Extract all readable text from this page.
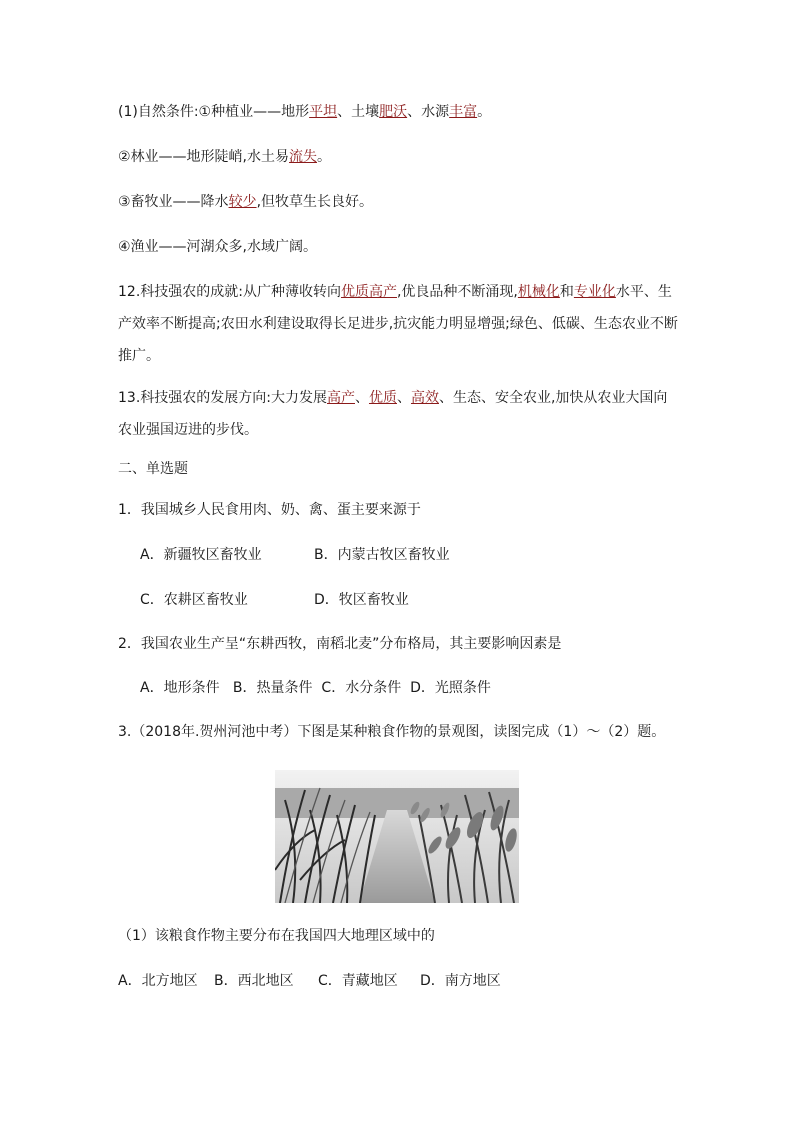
(1)自然条件:①种植业——地形平坦、土壤肥沃、水源丰富。
②林业——地形陡峭,水土易流失。
③畜牧业——降水较少,但牧草生长良好。
④渔业——河湖众多,水域广阔。
12.科技强农的成就:从广种薄收转向优质高产,优良品种不断涌现,机械化和专业化水平、生产效率不断提高;农田水利建设取得长足进步,抗灾能力明显增强;绿色、低碳、生态农业不断推广。
13.科技强农的发展方向:大力发展高产、优质、高效、生态、安全农业,加快从农业大国向农业强国迈进的步伐。
二、单选题
1．我国城乡人民食用肉、奶、禽、蛋主要来源于
A．新疆牧区畜牧业	B．内蒙古牧区畜牧业
C．农耕区畜牧业	D．牧区畜牧业
2．我国农业生产呈“东耕西牧，南稻北麦”分布格局，其主要影响因素是
A．地形条件   B．热量条件  C．水分条件  D．光照条件
3.（2018年.贺州河池中考）下图是某种粮食作物的景观图，读图完成（1）～（2）题。
（1）该粮食作物主要分布在我国四大地理区域中的
A．北方地区 B．西北地区 C．青藏地区 D．南方地区
